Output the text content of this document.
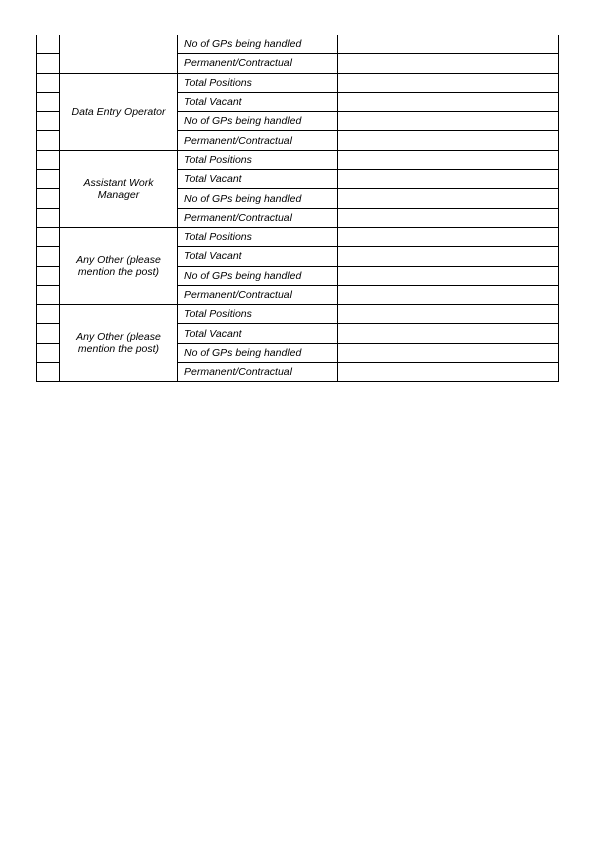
		No of GPs being handled	
		Permanent/Contractual	
	Data Entry Operator	Total Positions	
		Total Vacant	
		No of GPs being handled	
		Permanent/Contractual	
	Assistant Work Manager	Total Positions	
		Total Vacant	
		No of GPs being handled	
		Permanent/Contractual	
	Any Other (please mention the post)	Total Positions	
		Total Vacant	
		No of GPs being handled	
		Permanent/Contractual	
	Any Other (please mention the post)	Total Positions	
		Total Vacant	
		No of GPs being handled	
		Permanent/Contractual	
